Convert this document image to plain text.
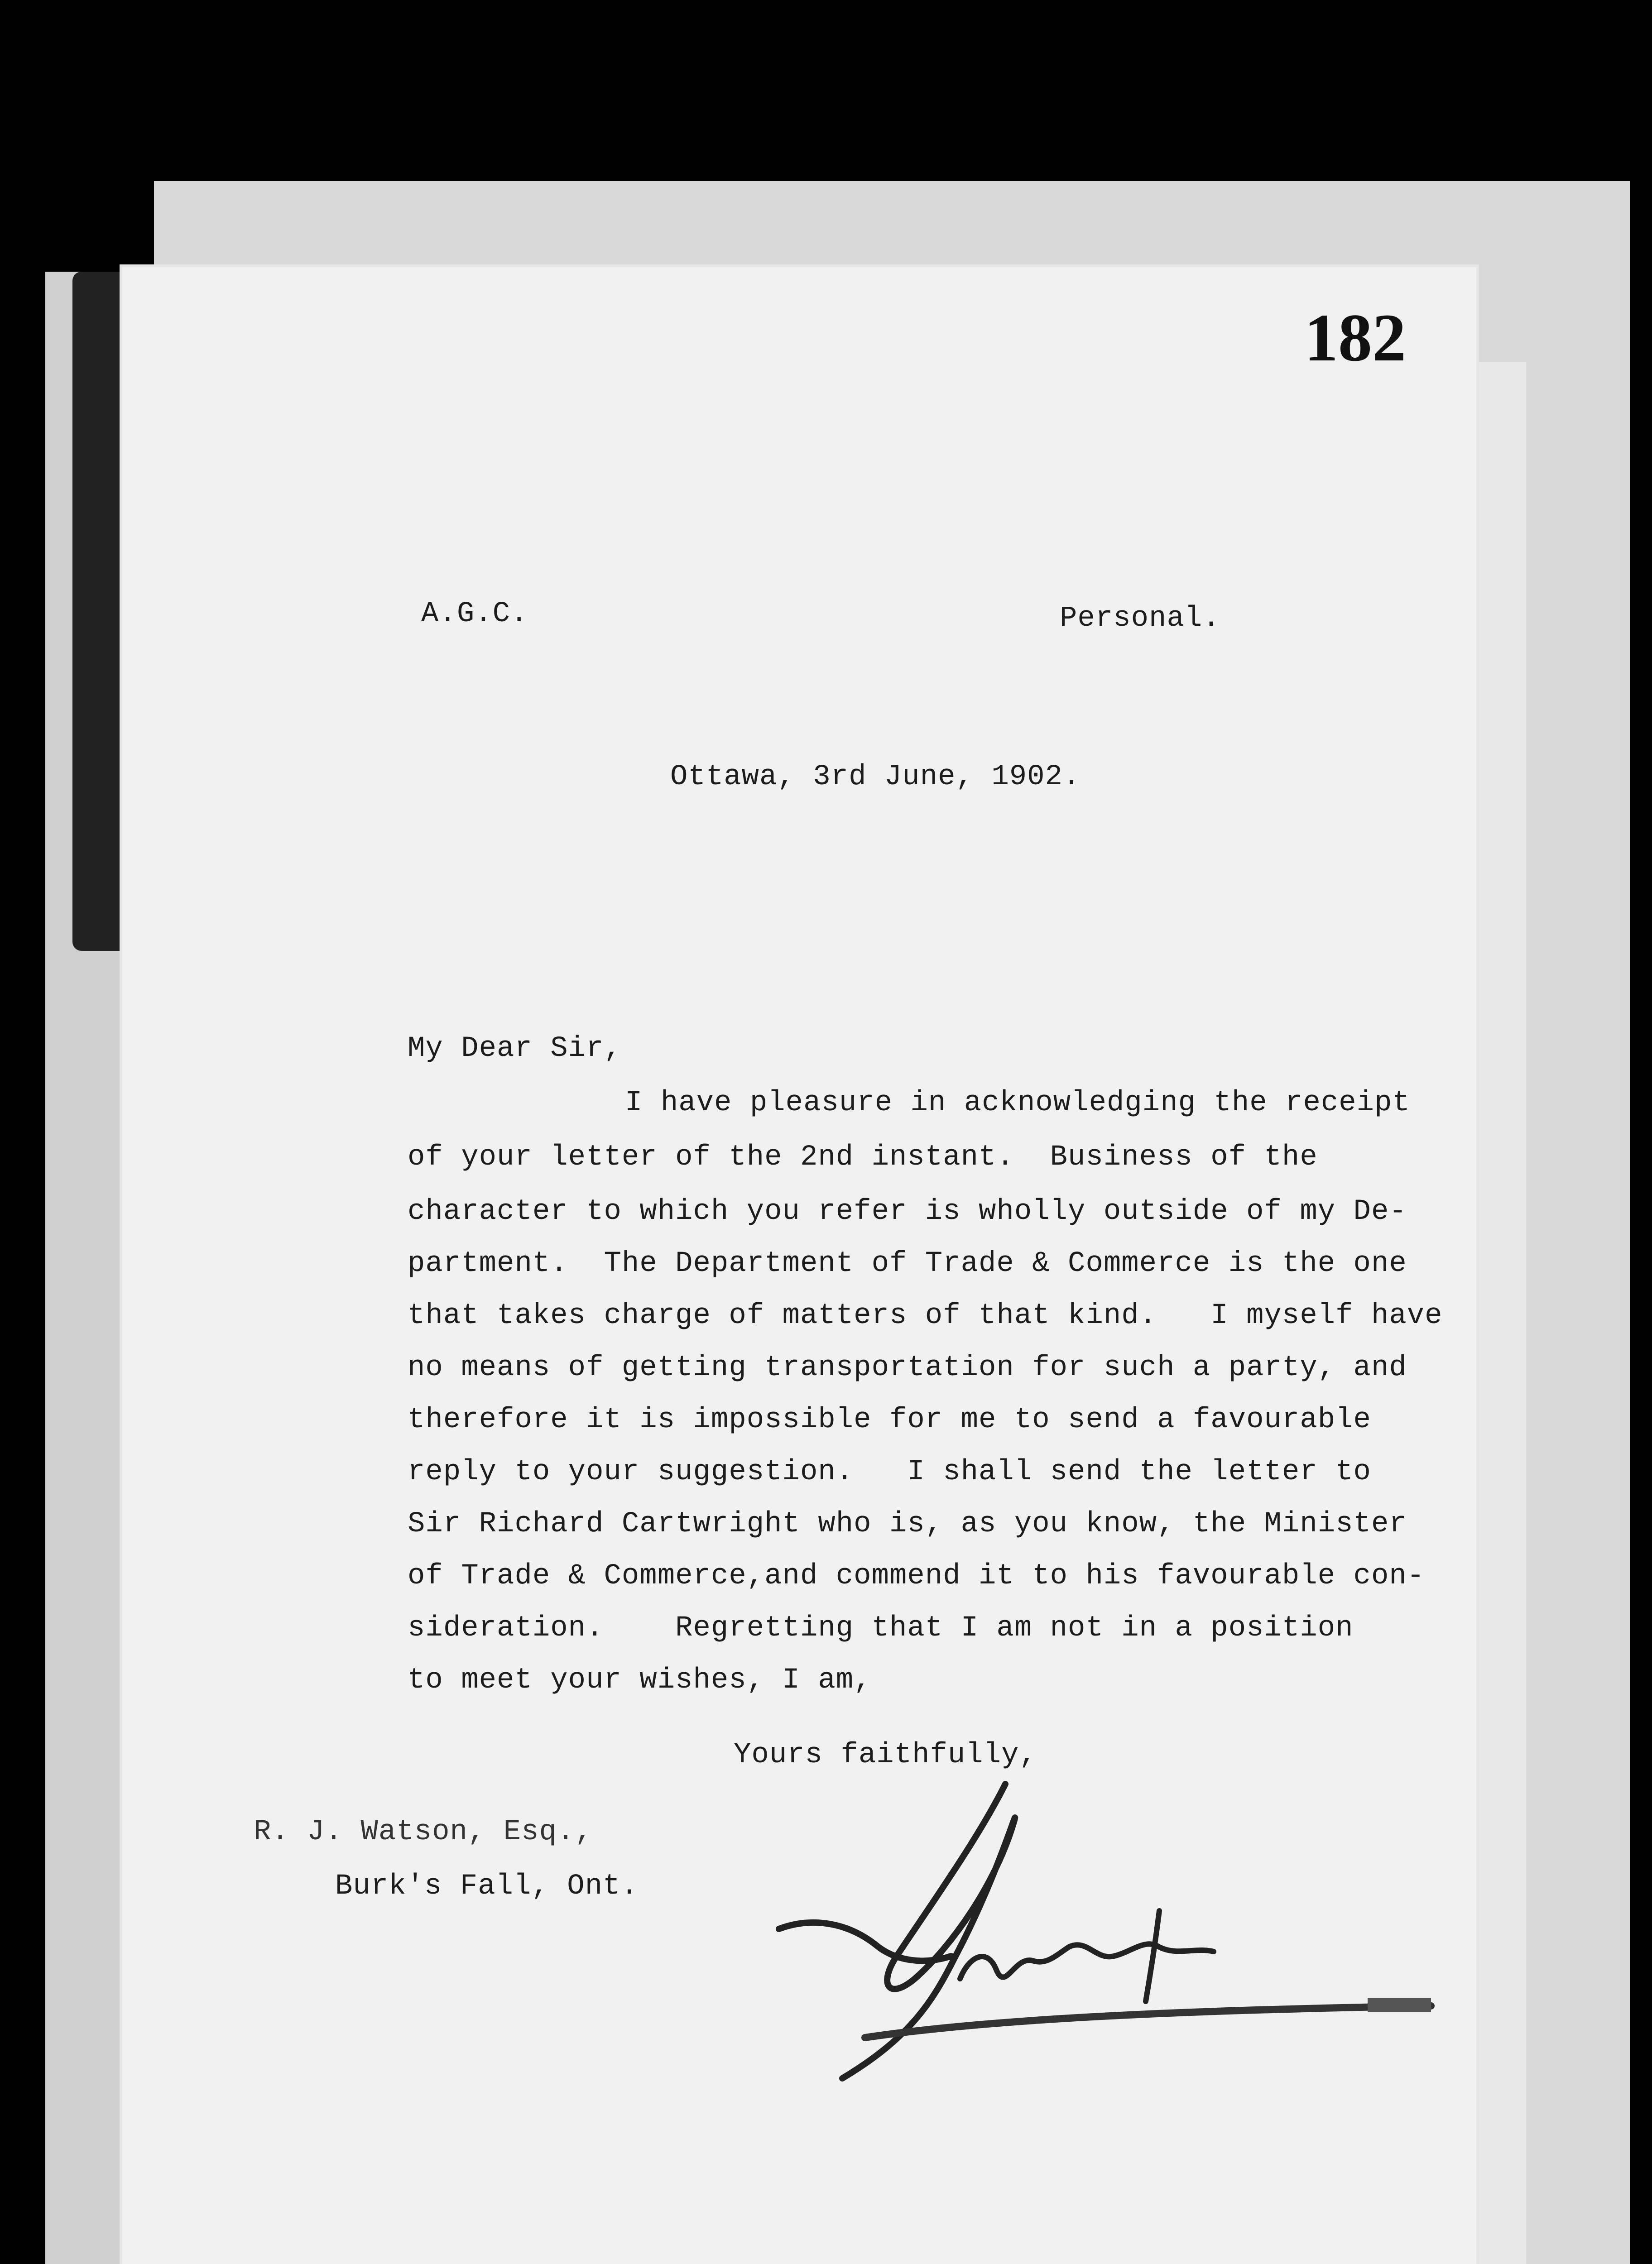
182
A.G.C.	Personal.
Ottawa, 3rd June, 1902.
My Dear Sir,
I have pleasure in acknowledging the receipt
of your letter of the 2nd instant.  Business of the
character to which you refer is wholly outside of my De-
partment.  The Department of Trade & Commerce is the one
that takes charge of matters of that kind.   I myself have
no means of getting transportation for such a party, and
therefore it is impossible for me to send a favourable
reply to your suggestion.   I shall send the letter to
Sir Richard Cartwright who is, as you know, the Minister
of Trade & Commerce,and commend it to his favourable con-
sideration.    Regretting that I am not in a position
to meet your wishes, I am,
Yours faithfully,
R. J. Watson, Esq.,
Burk's Fall, Ont.
